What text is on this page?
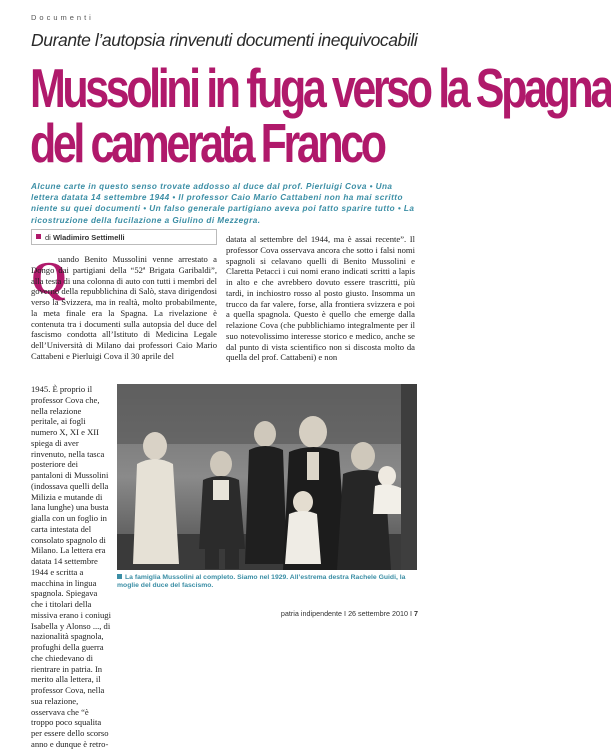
Documenti
Durante l’autopsia rinvenuti documenti inequivocabili
Mussolini in fuga verso la Spagna
del camerata Franco
Alcune carte in questo senso trovate addosso al duce dal prof. Pierluigi Cova • Una lettera datata 14 settembre 1944 • Il professor Caio Mario Cattabeni non ha mai scritto niente su quei documenti • Un falso generale partigiano aveva poi fatto sparire tutto • La ricostruzione della fucilazione a Giulino di Mezzegra.
di Wladimiro Settimelli
Q
uando Benito Mussolini venne arrestato a Dongo dai partigiani della “52ª Brigata Garibaldi”, alla testa di una colonna di auto con tutti i membri del governo della repubblichina di Salò, stava dirigendosi verso la Svizzera, ma in realtà, molto probabilmente, la meta finale era la Spagna. La rivelazione è contenuta tra i documenti sulla autopsia del duce del fascismo condotta all’Istituto di Medicina Legale dell’Università di Milano dai professori Caio Mario Cattabeni e Pierluigi Cova il 30 aprile del
1945. È proprio il professor Cova che, nella relazione peritale, ai fogli numero X, XI e XII spiega di aver rinvenuto, nella tasca posteriore dei pantaloni di Mussolini (indossava quelli della Milizia e mutande di lana lunghe) una busta gialla con un foglio in carta intestata del consolato spagnolo di Milano. La lettera era datata 14 settembre 1944 e scritta a macchina in lingua spagnola. Spiegava che i titolari della missiva erano i coniugi Isabella y Alonso ..., di nazionalità spagnola, profughi della guerra che chiedevano di rientrare in patria. In merito alla lettera, il professor Cova, nella sua relazione, osservava che “è troppo poco squalita per essere dello scorso anno e dunque è retro-
datata al settembre del 1944, ma è assai recente”. Il professor Cova osservava ancora che sotto i falsi nomi spagnoli si celavano quelli di Benito Mussolini e Claretta Petacci i cui nomi erano indicati scritti a lapis in alto e che avrebbero dovuto essere trascritti, più tardi, in inchiostro rosso al posto giusto. Insomma un trucco da far valere, forse, alla frontiera svizzera e poi a quella spagnola. Questo è quello che emerge dalla relazione Cova (che pubblichiamo integralmente per il suo notevolissimo interesse storico e medico, anche se dal punto di vista scientifico non si discosta molto da quella del prof. Cattabeni) e non
La famiglia Mussolini al completo. Siamo nel 1929. All’estrema destra Rachele Guidi, la moglie del duce del fascismo.
patria indipendente I 26 settembre 2010 I 7
